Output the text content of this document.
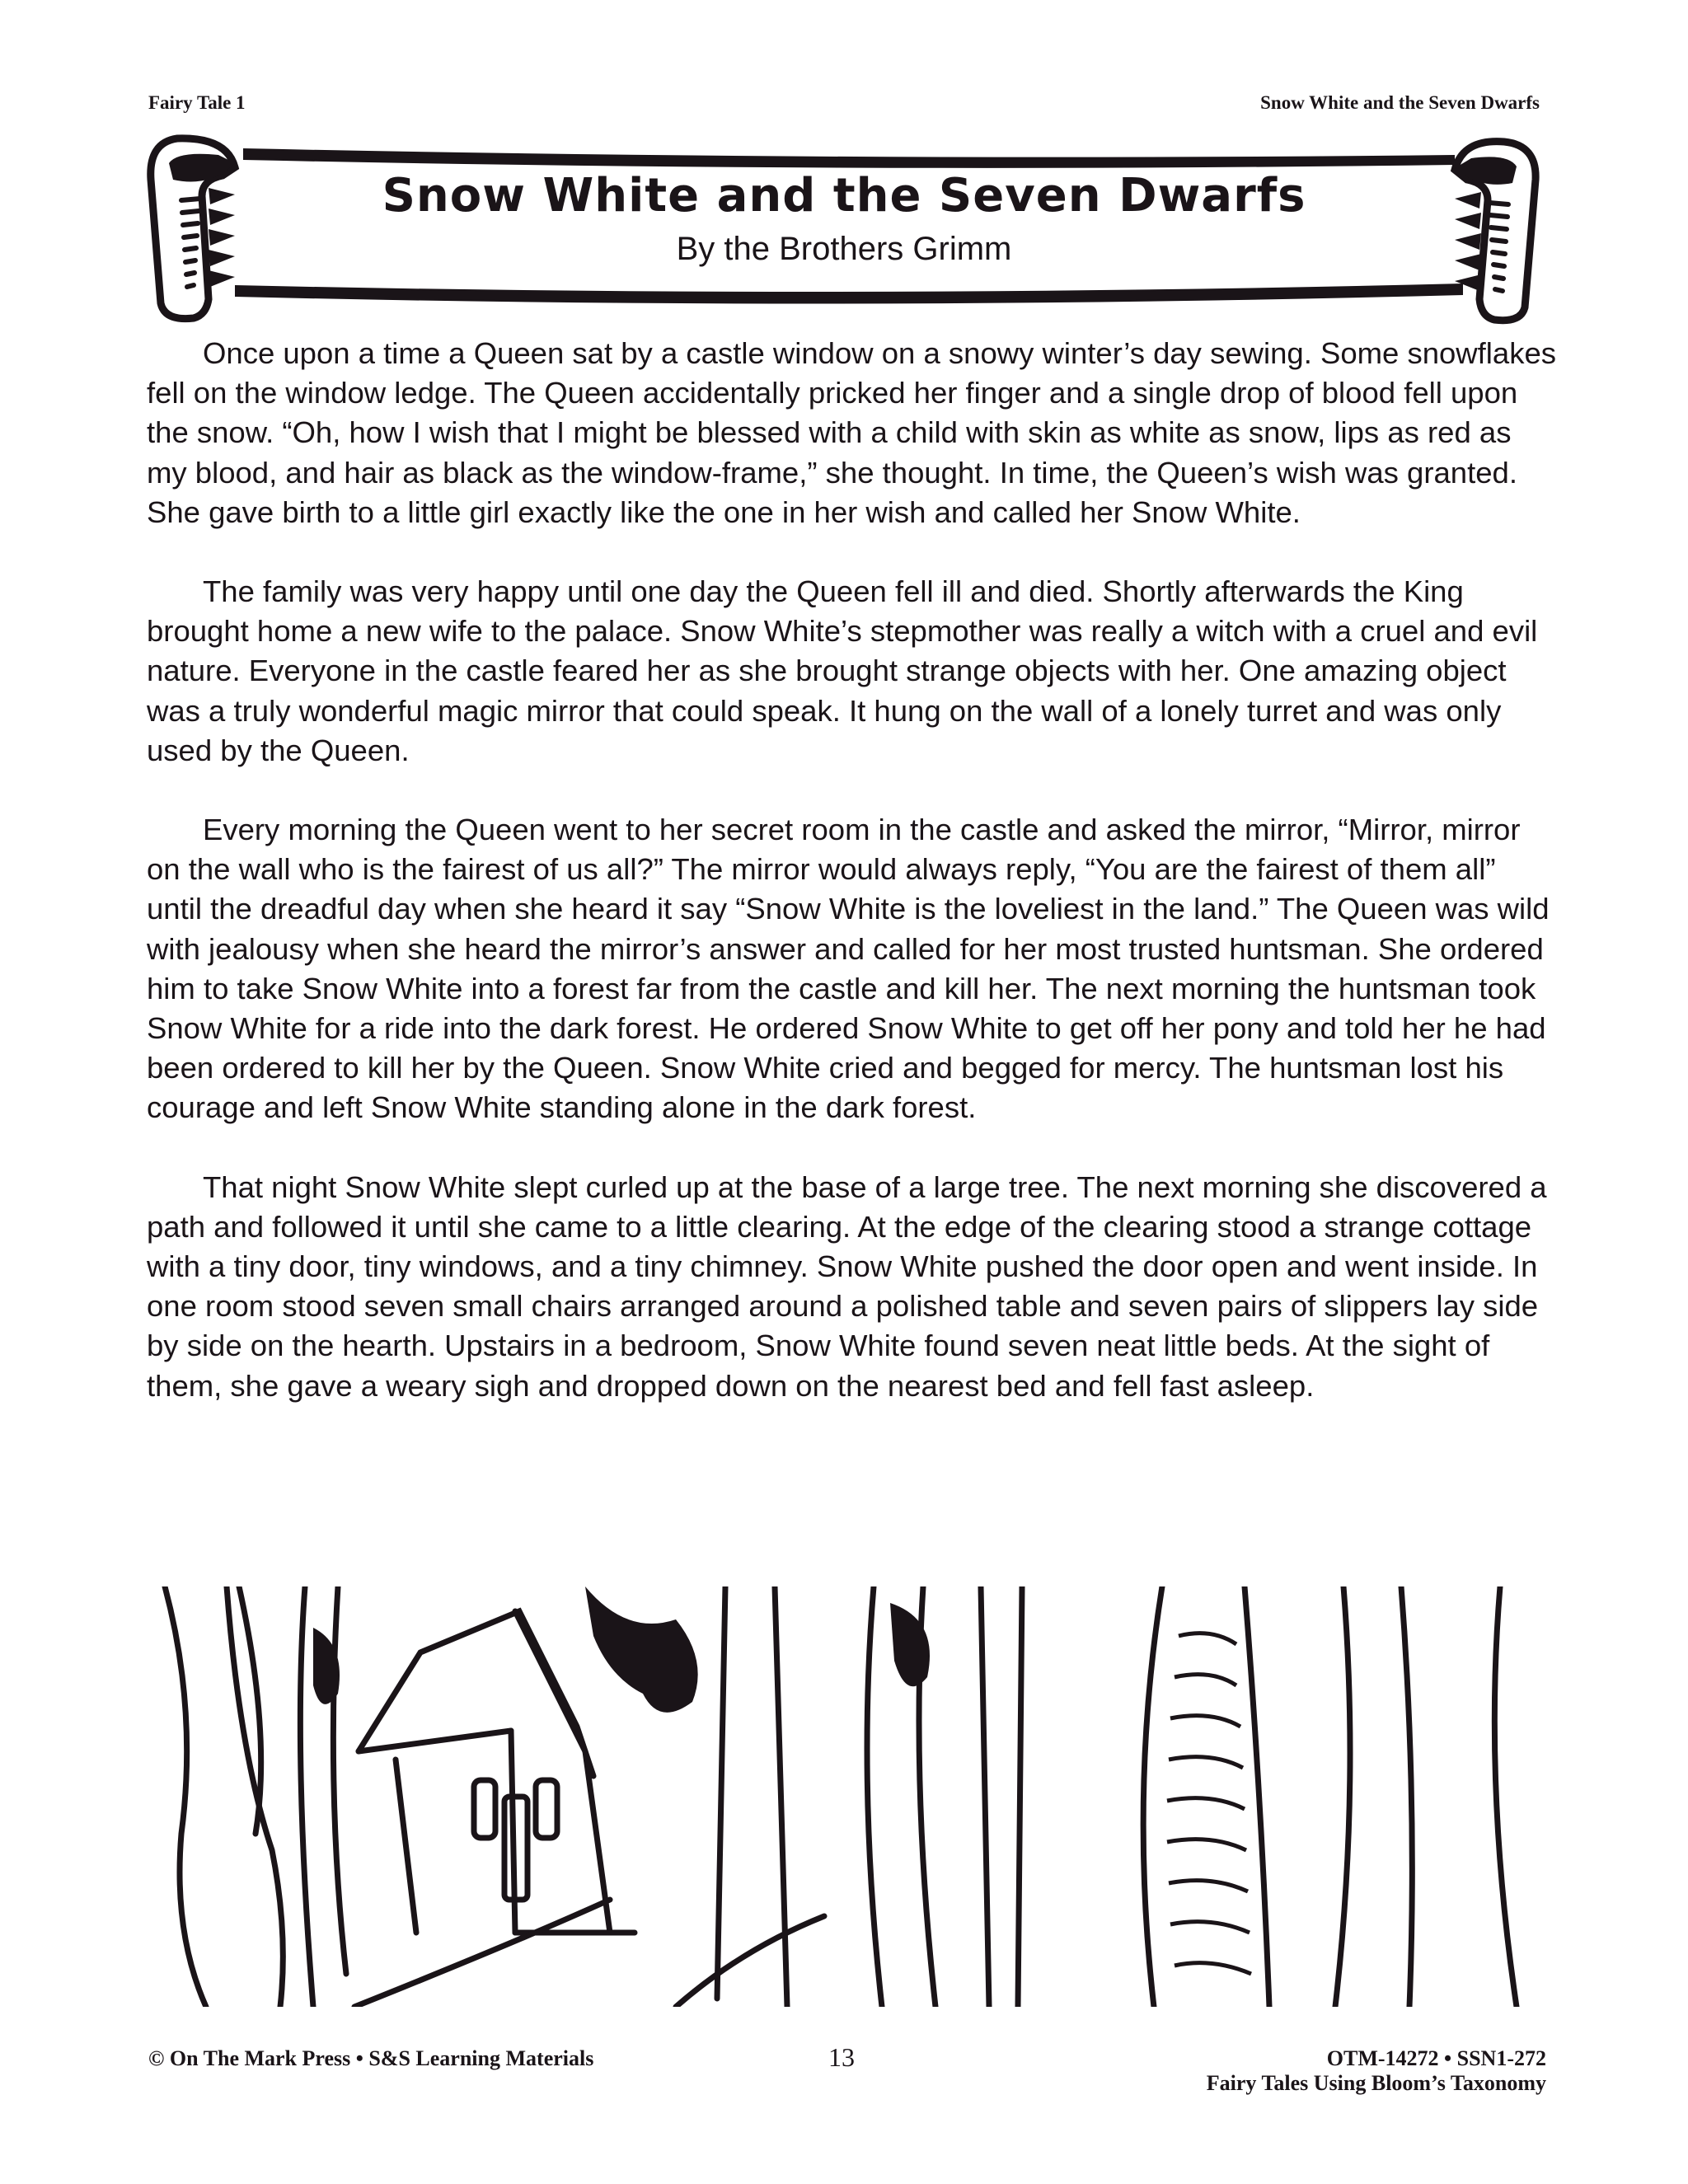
Fairy Tale 1	Snow White and the Seven Dwarfs
Snow White and the Seven Dwarfs
By the Brothers Grimm

Once upon a time a Queen sat by a castle window on a snowy winter’s day sewing. Some snowflakes fell on the window ledge. The Queen accidentally pricked her finger and a single drop of blood fell upon the snow. “Oh, how I wish that I might be blessed with a child with skin as white as snow, lips as red as my blood, and hair as black as the window-frame,” she thought. In time, the Queen’s wish was granted. She gave birth to a little girl exactly like the one in her wish and called her Snow White.

The family was very happy until one day the Queen fell ill and died. Shortly afterwards the King brought home a new wife to the palace. Snow White’s stepmother was really a witch with a cruel and evil nature. Everyone in the castle feared her as she brought strange objects with her. One amazing object was a truly wonderful magic mirror that could speak. It hung on the wall of a lonely turret and was only used by the Queen.

Every morning the Queen went to her secret room in the castle and asked the mirror, “Mirror, mirror on the wall who is the fairest of us all?” The mirror would always reply, “You are the fairest of them all” until the dreadful day when she heard it say “Snow White is the loveliest in the land.” The Queen was wild with jealousy when she heard the mirror’s answer and called for her most trusted huntsman. She ordered him to take Snow White into a forest far from the castle and kill her. The next morning the huntsman took Snow White for a ride into the dark forest. He ordered Snow White to get off her pony and told her he had been ordered to kill her by the Queen. Snow White cried and begged for mercy. The huntsman lost his courage and left Snow White standing alone in the dark forest.

That night Snow White slept curled up at the base of a large tree. The next morning she discovered a path and followed it until she came to a little clearing. At the edge of the clearing stood a strange cottage with a tiny door, tiny windows, and a tiny chimney. Snow White pushed the door open and went inside. In one room stood seven small chairs arranged around a polished table and seven pairs of slippers lay side by side on the hearth. Upstairs in a bedroom, Snow White found seven neat little beds. At the sight of them, she gave a weary sigh and dropped down on the nearest bed and fell fast asleep.

© On The Mark Press • S&S Learning Materials	13	OTM-14272 • SSN1-272
Fairy Tales Using Bloom’s Taxonomy
